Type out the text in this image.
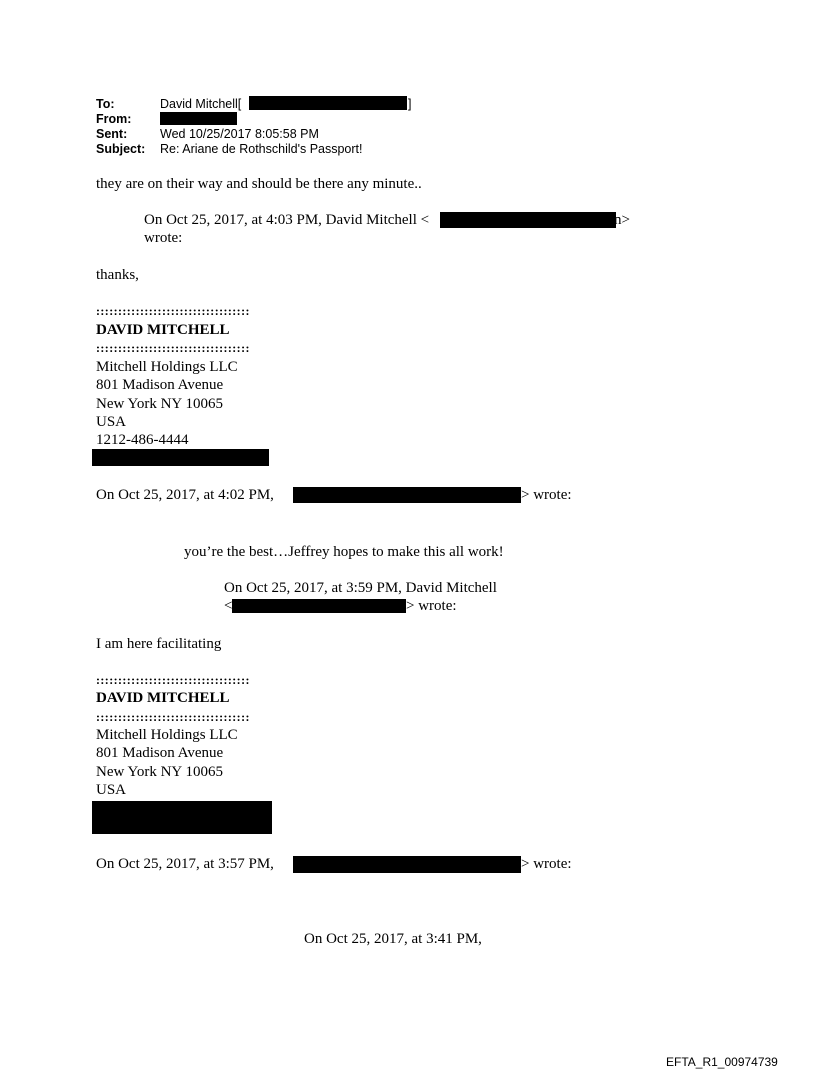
To:	David Mitchell[	]
From:
Sent:	Wed 10/25/2017 8:05:58 PM
Subject: Re: Ariane de Rothschild's Passport!
they are on their way and should be there any minute..
On Oct 25, 2017, at 4:03 PM, David Mitchell <	n>
wrote:
thanks,
:::::::::::::::::::::::::::::::::::
DAVID MITCHELL
:::::::::::::::::::::::::::::::::::
Mitchell Holdings LLC
801 Madison Avenue
New York NY 10065
USA
1212-486-4444
On Oct 25, 2017, at 4:02 PM,	> wrote:
you’re the best…Jeffrey hopes to make this all work!
On Oct 25, 2017, at 3:59 PM, David Mitchell
<	> wrote:
I am here facilitating
:::::::::::::::::::::::::::::::::::
DAVID MITCHELL
:::::::::::::::::::::::::::::::::::
Mitchell Holdings LLC
801 Madison Avenue
New York NY 10065
USA
On Oct 25, 2017, at 3:57 PM,	> wrote:
On Oct 25, 2017, at 3:41 PM,
EFTA_R1_00974739
